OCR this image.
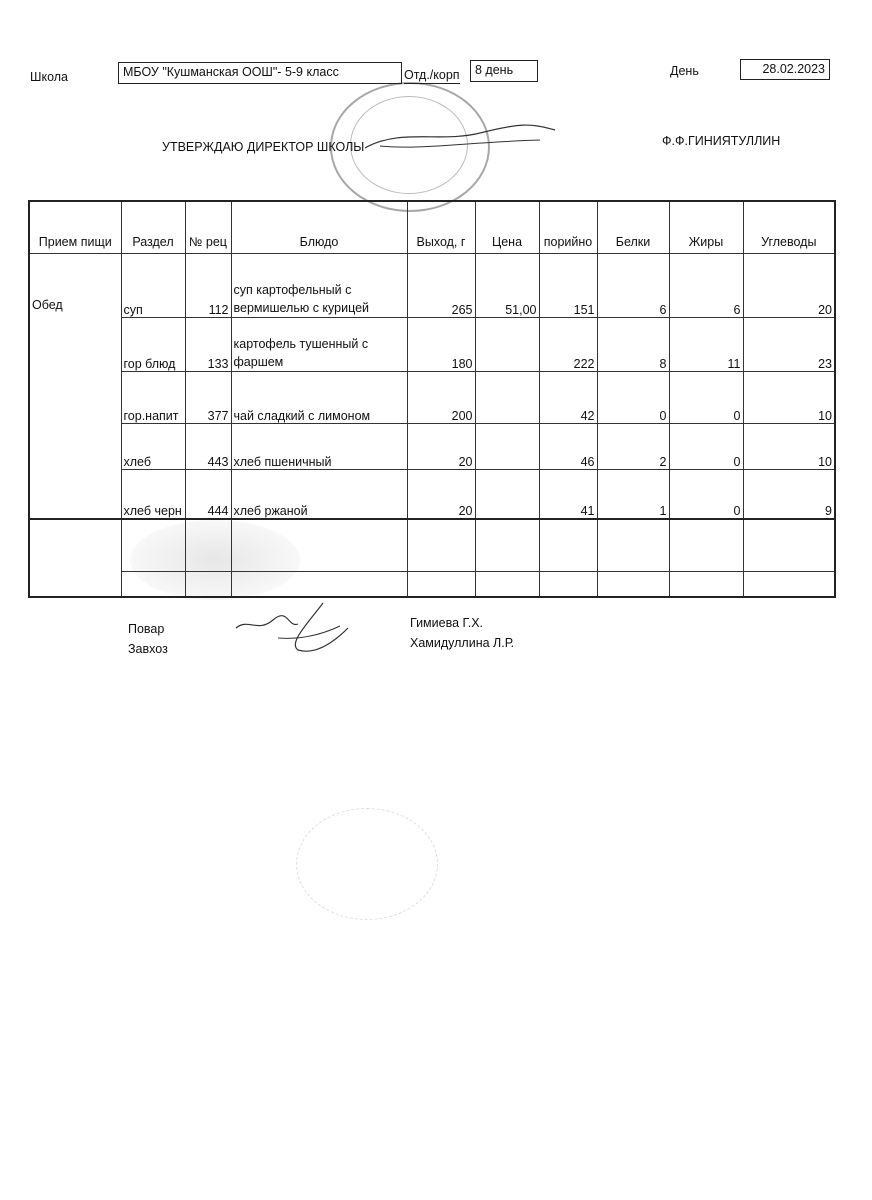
Школа	МБОУ "Кушманская ООШ"- 5-9 класс	Отд./корп	8 день	День	28.02.2023
УТВЕРЖДАЮ ДИРЕКТОР ШКОЛЫ	Ф.Ф.ГИНИЯТУЛЛИН
Прием пищи	Раздел	№ рец	Блюдо	Выход, г	Цена	порийно	Белки	Жиры	Углеводы
Обед	суп	112	суп картофельный с вермишелью с курицей	265	51,00	151	6	6	20
	гор блюд	133	картофель тушенный с фаршем	180		222	8	11	23
	гор.напит	377	чай сладкий с лимоном	200		42	0	0	10
	хлеб	443	хлеб пшеничный	20		46	2	0	10
	хлеб черн	444	хлеб ржаной	20		41	1	0	9

Повар
Завхоз
Гимиева Г.Х.
Хамидуллина Л.Р.
